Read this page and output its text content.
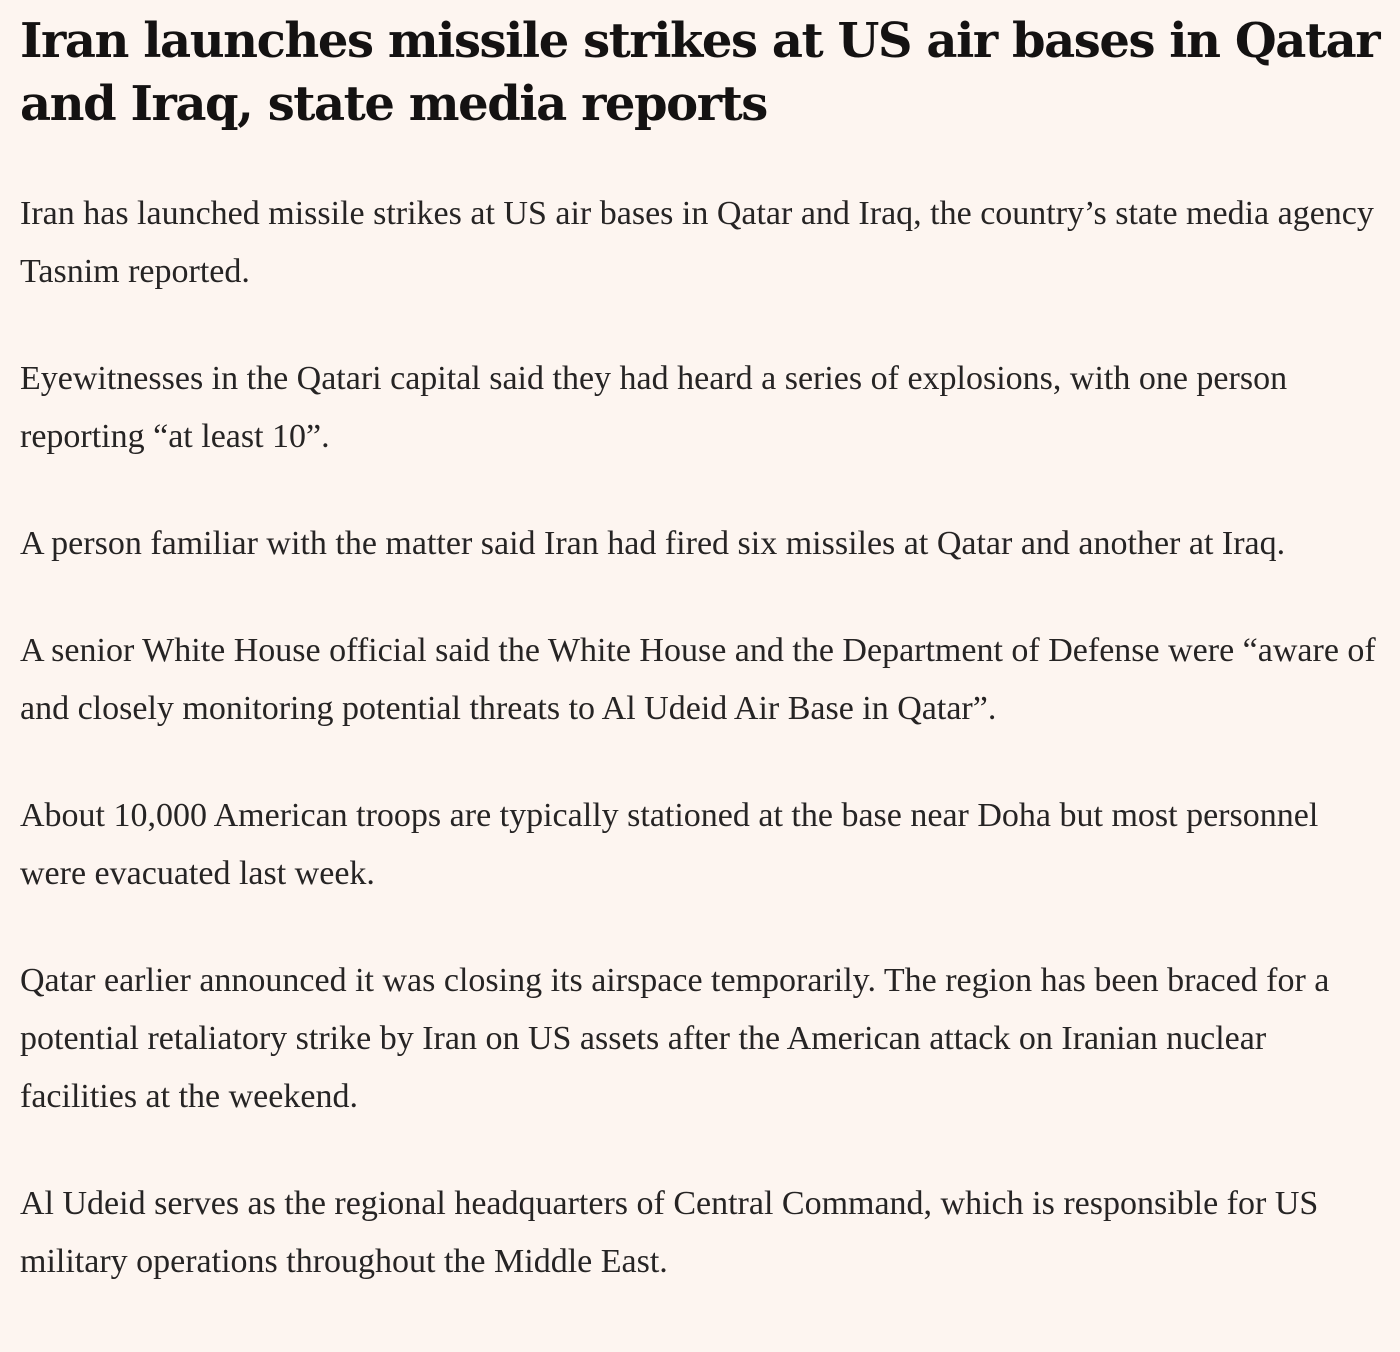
Iran launches missile strikes at US air bases in Qatar and Iraq, state media reports

Iran has launched missile strikes at US air bases in Qatar and Iraq, the country’s state media agency Tasnim reported.

Eyewitnesses in the Qatari capital said they had heard a series of explosions, with one person reporting “at least 10”.

A person familiar with the matter said Iran had fired six missiles at Qatar and another at Iraq.

A senior White House official said the White House and the Department of Defense were “aware of and closely monitoring potential threats to Al Udeid Air Base in Qatar”.

About 10,000 American troops are typically stationed at the base near Doha but most personnel were evacuated last week.

Qatar earlier announced it was closing its airspace temporarily. The region has been braced for a potential retaliatory strike by Iran on US assets after the American attack on Iranian nuclear facilities at the weekend.

Al Udeid serves as the regional headquarters of Central Command, which is responsible for US military operations throughout the Middle East.
